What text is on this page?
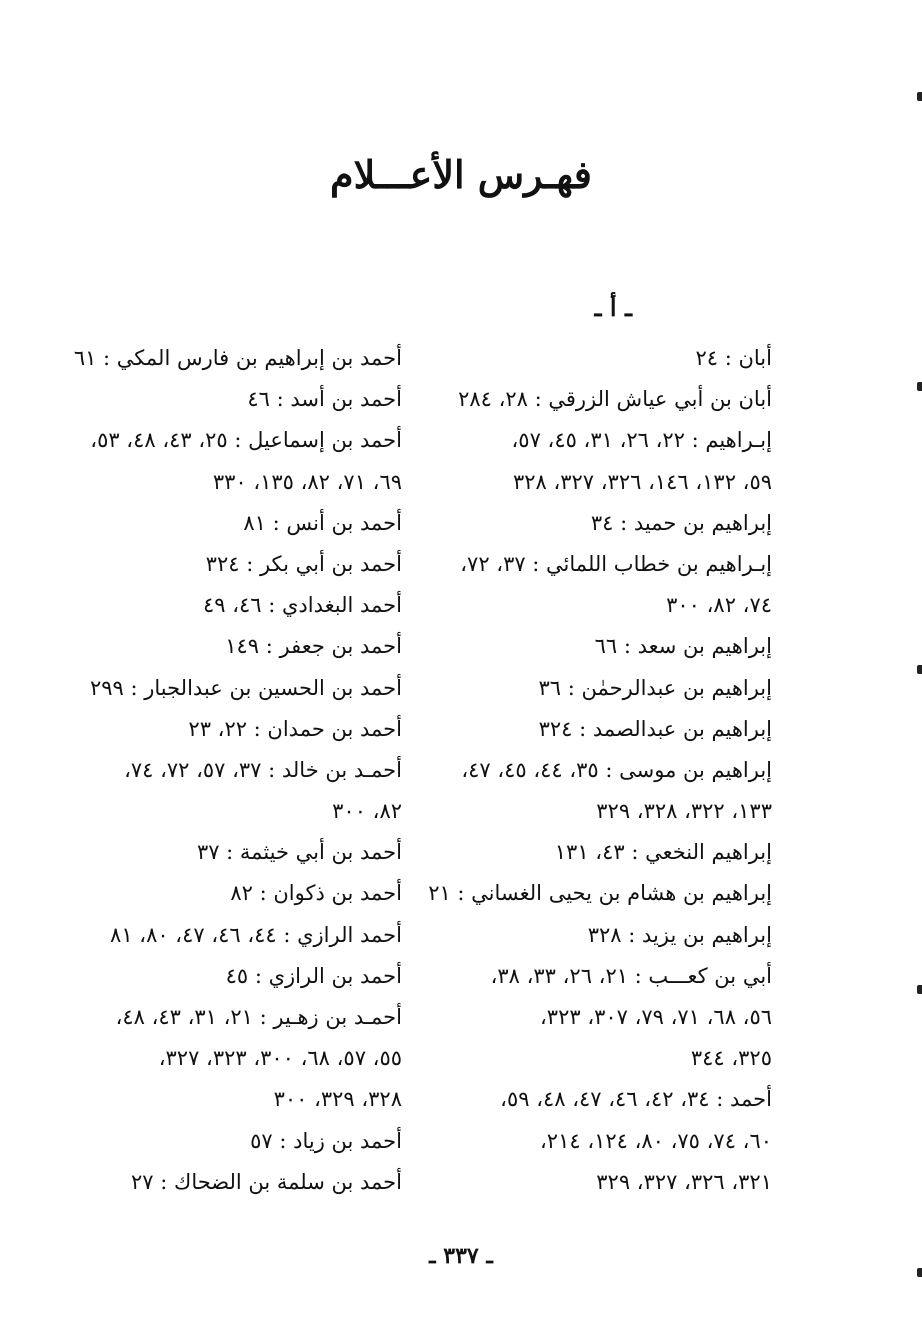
فهـرس الأعـــلام
ـ أ ـ
أبان : ٢٤
أبان بن أبي عياش الزرقي : ٢٨، ٢٨٤
إبـراهيم : ٢٢، ٢٦، ٣١، ٤٥، ٥٧،
٥٩، ١٣٢، ١٤٦، ٣٢٦، ٣٢٧، ٣٢٨
إبراهيم بن حميد : ٣٤
إبـراهيم بن خطاب اللمائي : ٣٧، ٧٢،
٧٤، ٨٢، ٣٠٠
إبراهيم بن سعد : ٦٦
إبراهيم بن عبدالرحمٰن : ٣٦
إبراهيم بن عبدالصمد : ٣٢٤
إبراهيم بن موسى : ٣٥، ٤٤، ٤٥، ٤٧،
١٣٣، ٣٢٢، ٣٢٨، ٣٢٩
إبراهيم النخعي : ٤٣، ١٣١
إبراهيم بن هشام بن يحيى الغساني : ٢١
إبراهيم بن يزيد : ٣٢٨
أبي بن كعـــب : ٢١، ٢٦، ٣٣، ٣٨،
٥٦، ٦٨، ٧١، ٧٩، ٣٠٧، ٣٢٣،
٣٢٥، ٣٤٤
أحمد : ٣٤، ٤٢، ٤٦، ٤٧، ٤٨، ٥٩،
٦٠، ٧٤، ٧٥، ٨٠، ١٢٤، ٢١٤،
٣٢١، ٣٢٦، ٣٢٧، ٣٢٩
أحمد بن إبراهيم بن فارس المكي : ٦١
أحمد بن أسد : ٤٦
أحمد بن إسماعيل : ٢٥، ٤٣، ٤٨، ٥٣،
٦٩، ٧١، ٨٢، ١٣٥، ٣٣٠
أحمد بن أنس : ٨١
أحمد بن أبي بكر : ٣٢٤
أحمد البغدادي : ٤٦، ٤٩
أحمد بن جعفر : ١٤٩
أحمد بن الحسين بن عبدالجبار : ٢٩٩
أحمد بن حمدان : ٢٢، ٢٣
أحمـد بن خالد : ٣٧، ٥٧، ٧٢، ٧٤،
٨٢، ٣٠٠
أحمد بن أبي خيثمة : ٣٧
أحمد بن ذكوان : ٨٢
أحمد الرازي : ٤٤، ٤٦، ٤٧، ٨٠، ٨١
أحمد بن الرازي : ٤٥
أحمـد بن زهـير : ٢١، ٣١، ٤٣، ٤٨،
٥٥، ٥٧، ٦٨، ٣٠٠، ٣٢٣، ٣٢٧،
٣٢٨، ٣٢٩، ٣٠٠
أحمد بن زياد : ٥٧
أحمد بن سلمة بن الضحاك : ٢٧
ـ ٣٣٧ ـ
